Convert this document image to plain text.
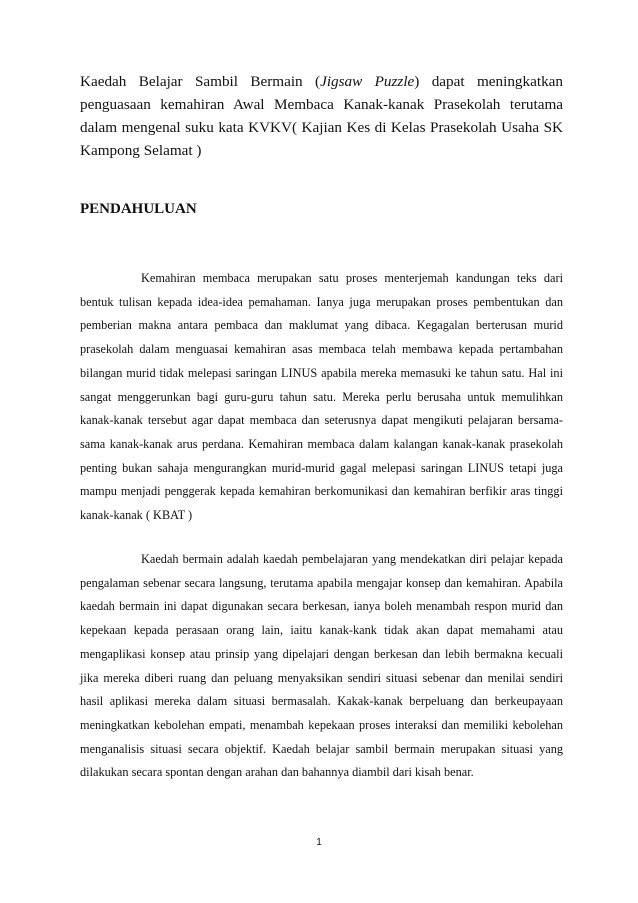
Kaedah Belajar Sambil Bermain (Jigsaw Puzzle) dapat meningkatkan penguasaan kemahiran Awal Membaca Kanak-kanak Prasekolah terutama dalam mengenal suku kata KVKV( Kajian Kes di Kelas Prasekolah Usaha SK Kampong Selamat )

PENDAHULUAN

Kemahiran membaca merupakan satu proses menterjemah kandungan teks dari bentuk tulisan kepada idea-idea pemahaman. Ianya juga merupakan proses pembentukan dan pemberian makna antara pembaca dan maklumat yang dibaca. Kegagalan berterusan murid prasekolah dalam menguasai kemahiran asas membaca telah membawa kepada pertambahan bilangan murid tidak melepasi saringan LINUS apabila mereka memasuki ke tahun satu. Hal ini sangat menggerunkan bagi guru-guru tahun satu. Mereka perlu berusaha untuk memulihkan kanak-kanak tersebut agar dapat membaca dan seterusnya dapat mengikuti pelajaran bersama-sama kanak-kanak arus perdana. Kemahiran membaca dalam kalangan kanak-kanak prasekolah penting bukan sahaja mengurangkan murid-murid gagal melepasi saringan LINUS tetapi juga mampu menjadi penggerak kepada kemahiran berkomunikasi dan kemahiran berfikir aras tinggi kanak-kanak ( KBAT )

Kaedah bermain adalah kaedah pembelajaran yang mendekatkan diri pelajar kepada pengalaman sebenar secara langsung, terutama apabila mengajar konsep dan kemahiran. Apabila kaedah bermain ini dapat digunakan secara berkesan, ianya boleh menambah respon murid dan kepekaan kepada perasaan orang lain, iaitu kanak-kank tidak akan dapat memahami atau mengaplikasi konsep atau prinsip yang dipelajari dengan berkesan dan lebih bermakna kecuali jika mereka diberi ruang dan peluang menyaksikan sendiri situasi sebenar dan menilai sendiri hasil aplikasi mereka dalam situasi bermasalah. Kakak-kanak berpeluang dan berkeupayaan meningkatkan kebolehan empati, menambah kepekaan proses interaksi dan memiliki kebolehan menganalisis situasi secara objektif. Kaedah belajar sambil bermain merupakan situasi yang dilakukan secara spontan dengan arahan dan bahannya diambil dari kisah benar.

1
